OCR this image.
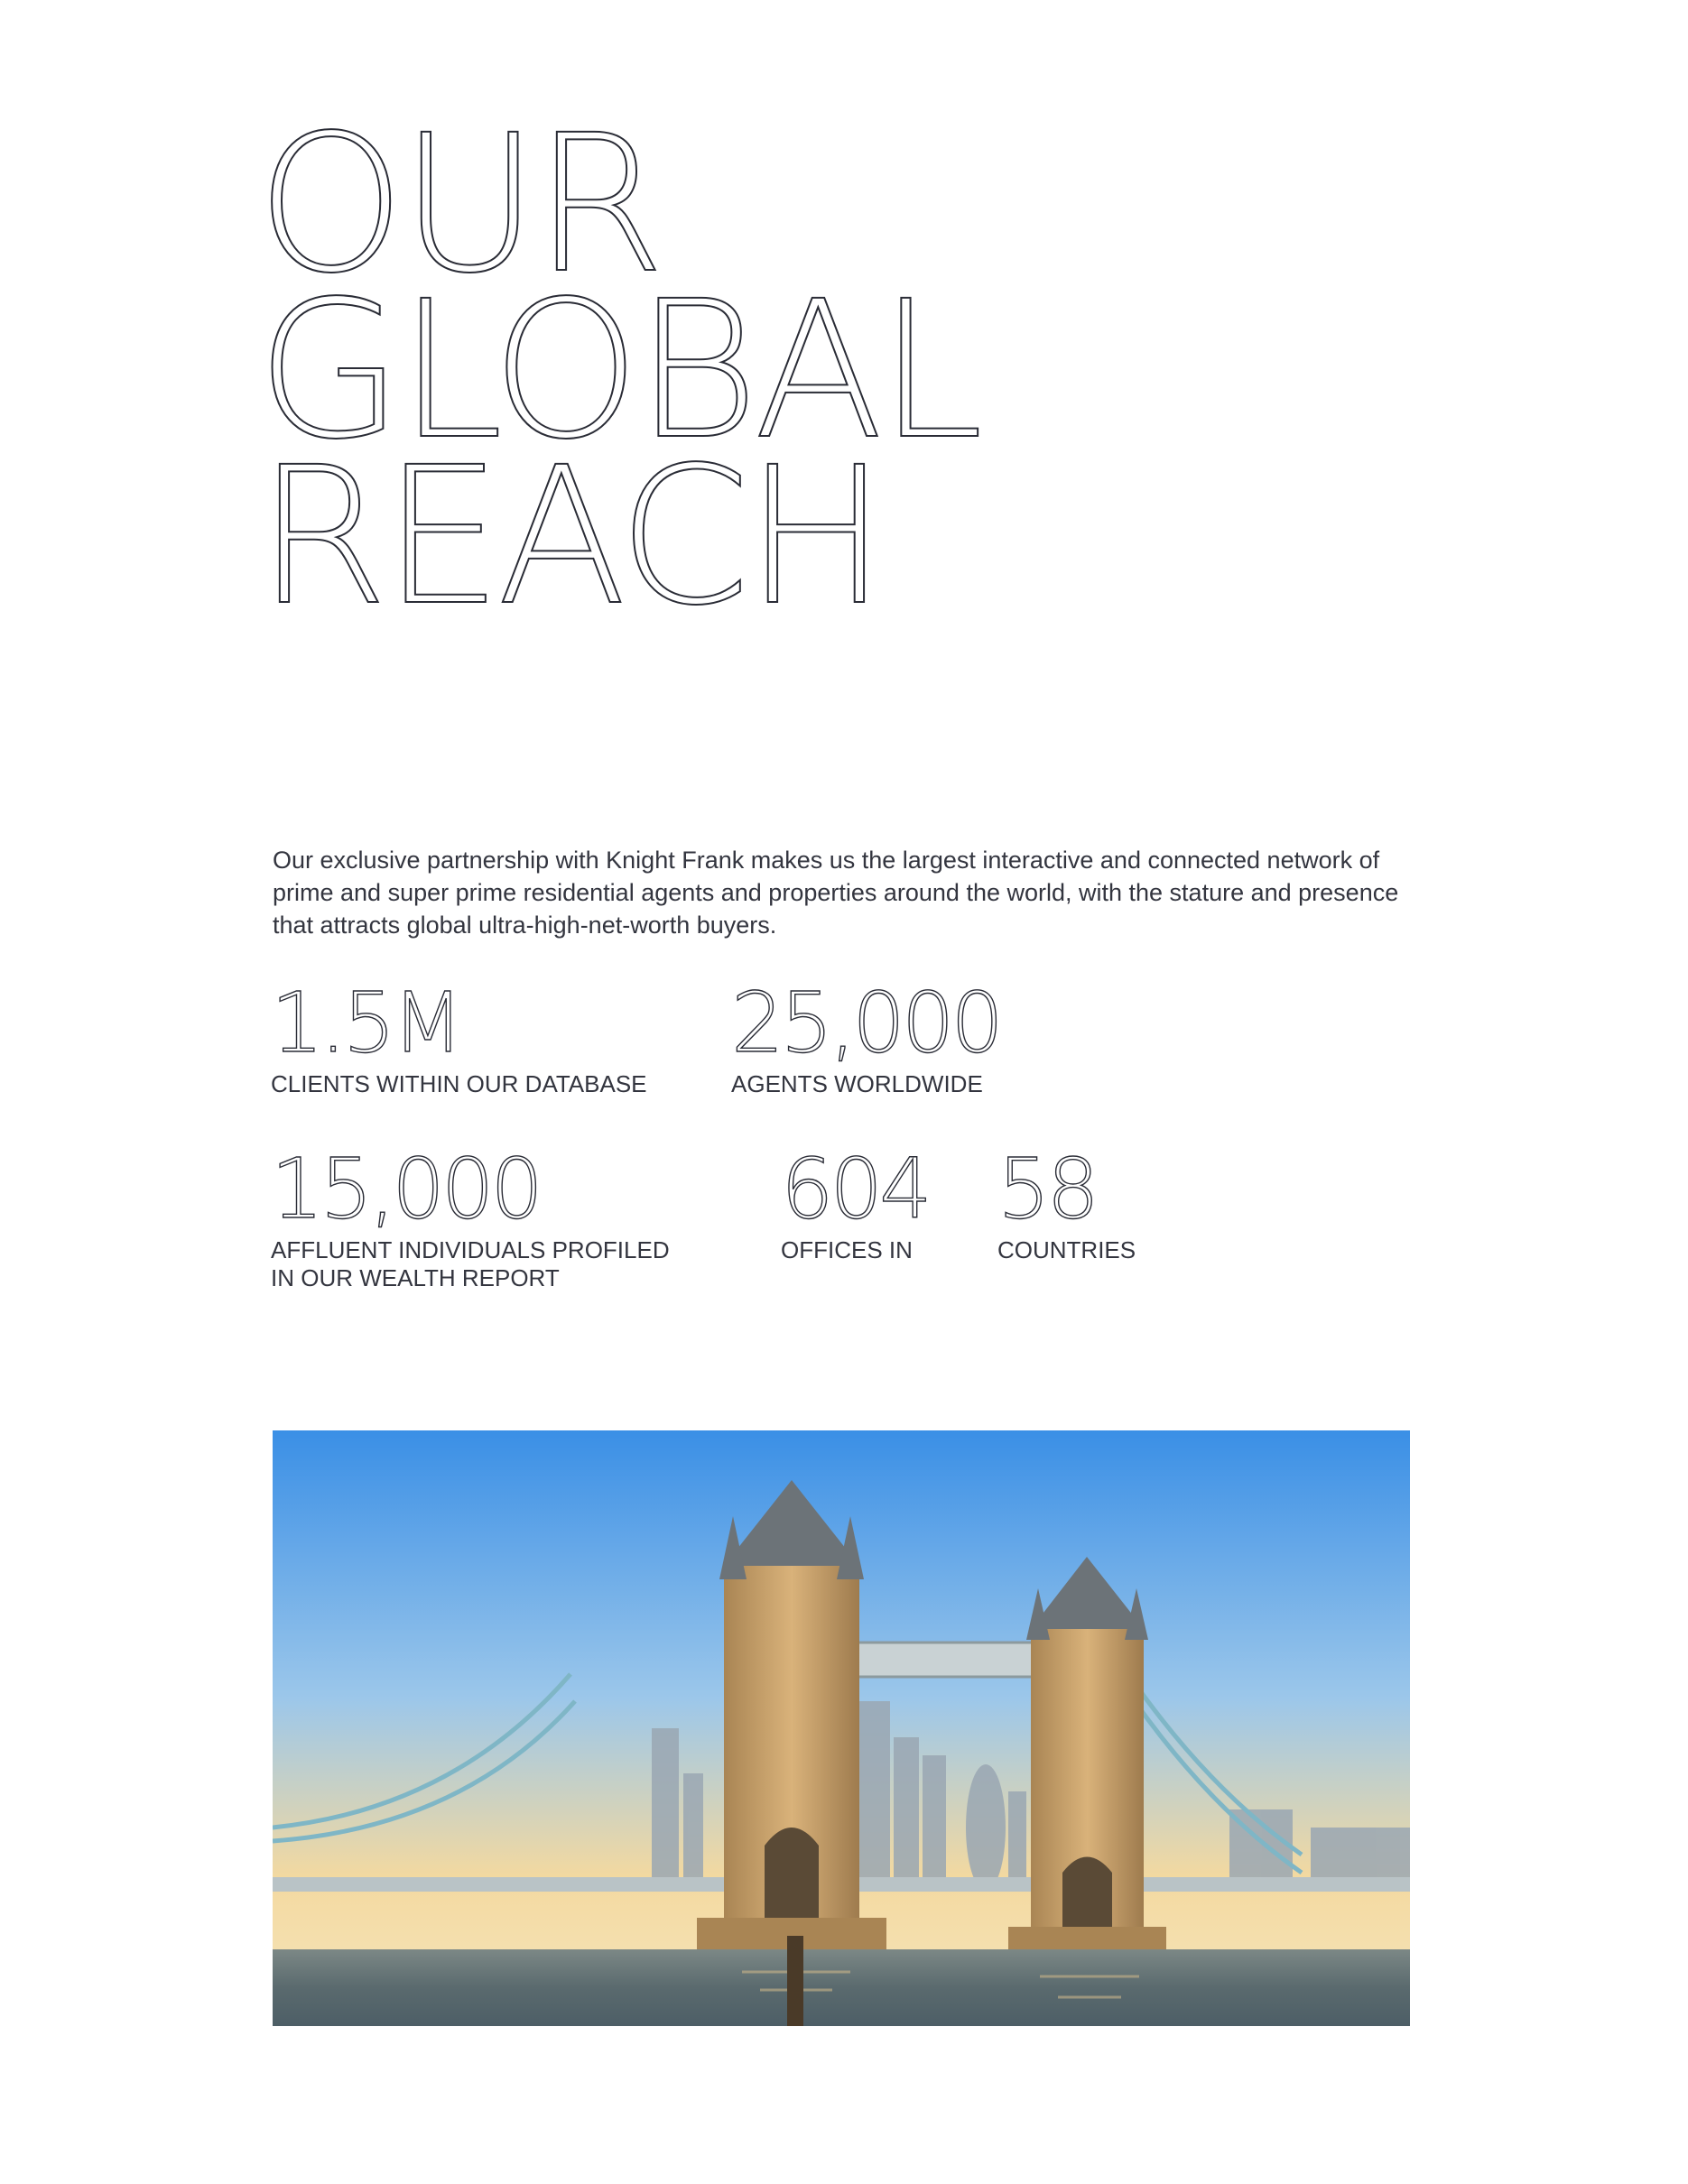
OUR
GLOBAL
REACH

Our exclusive partnership with Knight Frank makes us the largest interactive and connected network of prime and super prime residential agents and properties around the world, with the stature and presence that attracts global ultra-high-net-worth buyers.

1.5M
CLIENTS WITHIN OUR DATABASE
25,000
AGENTS WORLDWIDE
15,000
AFFLUENT INDIVIDUALS PROFILED
IN OUR WEALTH REPORT
604
OFFICES IN
58
COUNTRIES
